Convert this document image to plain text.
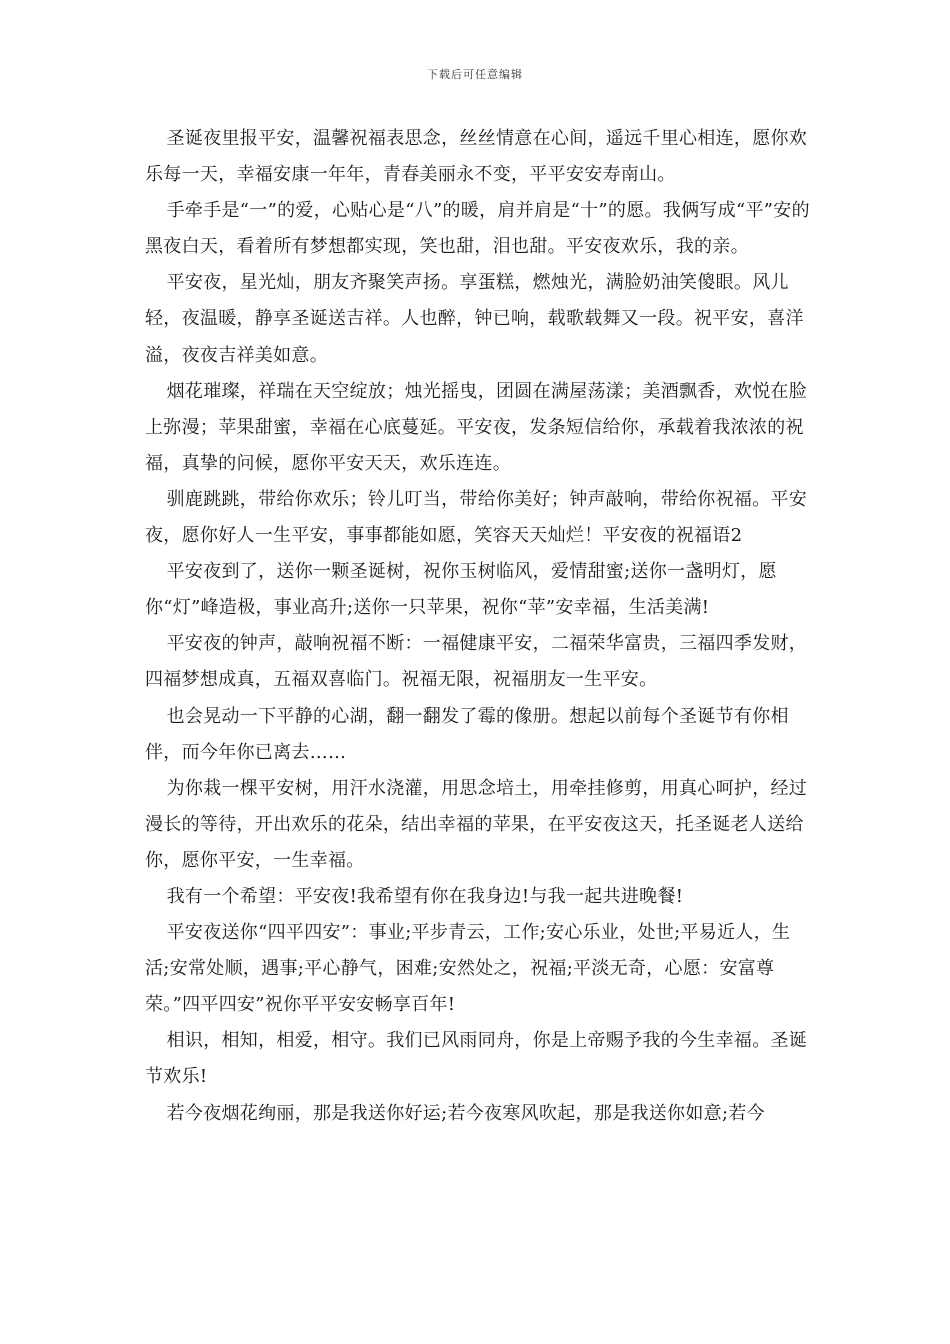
下载后可任意编辑

圣诞夜里报平安，温馨祝福表思念，丝丝情意在心间，遥远千里心相连，愿你欢乐每一天，幸福安康一年年，青春美丽永不变，平平安安寿南山。

手牵手是“一”的爱，心贴心是“八”的暖，肩并肩是“十”的愿。我俩写成“平”安的黑夜白天，看着所有梦想都实现，笑也甜，泪也甜。平安夜欢乐，我的亲。

平安夜，星光灿，朋友齐聚笑声扬。享蛋糕，燃烛光，满脸奶油笑傻眼。风儿轻，夜温暖，静享圣诞送吉祥。人也醉，钟已响，载歌载舞又一段。祝平安，喜洋溢，夜夜吉祥美如意。

烟花璀璨，祥瑞在天空绽放；烛光摇曳，团圆在满屋荡漾；美酒飘香，欢悦在脸上弥漫；苹果甜蜜，幸福在心底蔓延。平安夜，发条短信给你，承载着我浓浓的祝福，真挚的问候，愿你平安天天，欢乐连连。

驯鹿跳跳，带给你欢乐；铃儿叮当，带给你美好；钟声敲响，带给你祝福。平安夜，愿你好人一生平安，事事都能如愿，笑容天天灿烂！平安夜的祝福语2

平安夜到了，送你一颗圣诞树，祝你玉树临风，爱情甜蜜;送你一盏明灯，愿你“灯”峰造极，事业高升;送你一只苹果，祝你“苹”安幸福，生活美满!

平安夜的钟声，敲响祝福不断：一福健康平安，二福荣华富贵，三福四季发财，四福梦想成真，五福双喜临门。祝福无限，祝福朋友一生平安。

也会晃动一下平静的心湖，翻一翻发了霉的像册。想起以前每个圣诞节有你相伴，而今年你已离去……

为你栽一棵平安树，用汗水浇灌，用思念培土，用牵挂修剪，用真心呵护，经过漫长的等待，开出欢乐的花朵，结出幸福的苹果，在平安夜这天，托圣诞老人送给你，愿你平安，一生幸福。

我有一个希望：平安夜!我希望有你在我身边!与我一起共进晚餐!

平安夜送你“四平四安”：事业;平步青云，工作;安心乐业，处世;平易近人，生活;安常处顺，遇事;平心静气，困难;安然处之，祝福;平淡无奇，心愿：安富尊荣。”四平四安”祝你平平安安畅享百年!

相识，相知，相爱，相守。我们已风雨同舟，你是上帝赐予我的今生幸福。圣诞节欢乐!

若今夜烟花绚丽，那是我送你好运;若今夜寒风吹起，那是我送你如意;若今
